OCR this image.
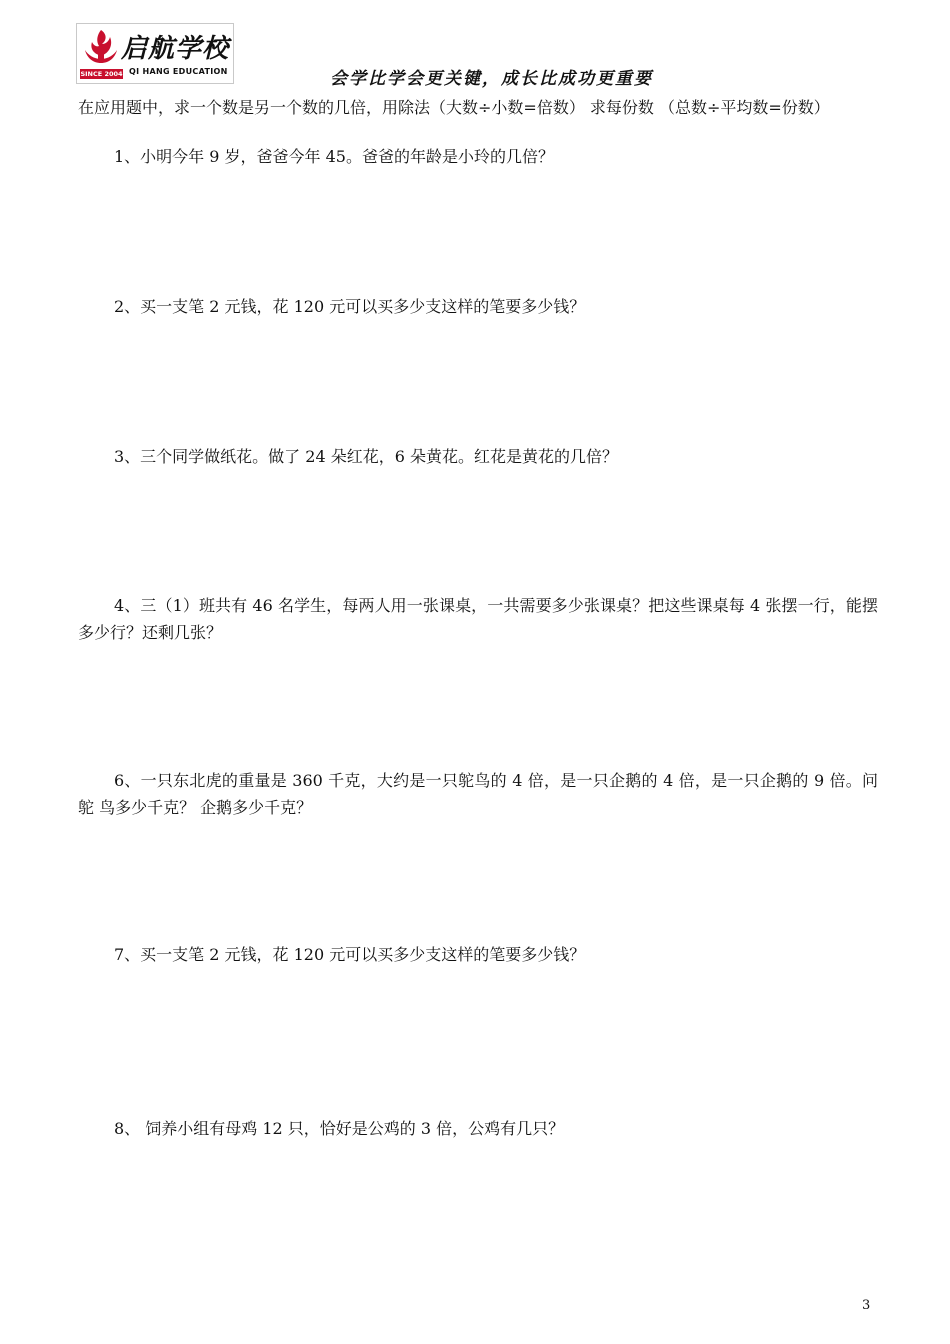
启航学校
SINCE 2004 QI HANG EDUCATION	会学比学会更关键，成长比成功更重要
在应用题中，求一个数是另一个数的几倍，用除法（大数÷小数=倍数） 求每份数 （总数÷平均数=份数）
1、小明今年 9 岁，爸爸今年 45。爸爸的年龄是小玲的几倍？
2、买一支笔 2 元钱，花 120 元可以买多少支这样的笔要多少钱？
3、三个同学做纸花。做了 24 朵红花，6 朵黄花。红花是黄花的几倍？
4、三（1）班共有 46 名学生，每两人用一张课桌，一共需要多少张课桌？把这些课桌每 4 张摆一行，能摆 多少行？还剩几张？
6、一只东北虎的重量是 360 千克，大约是一只鸵鸟的 4 倍，是一只企鹅的 4 倍，是一只企鹅的 9 倍。问鸵 鸟多少千克？ 企鹅多少千克？
7、买一支笔 2 元钱，花 120 元可以买多少支这样的笔要多少钱？
8、 饲养小组有母鸡 12 只，恰好是公鸡的 3 倍，公鸡有几只？
3
